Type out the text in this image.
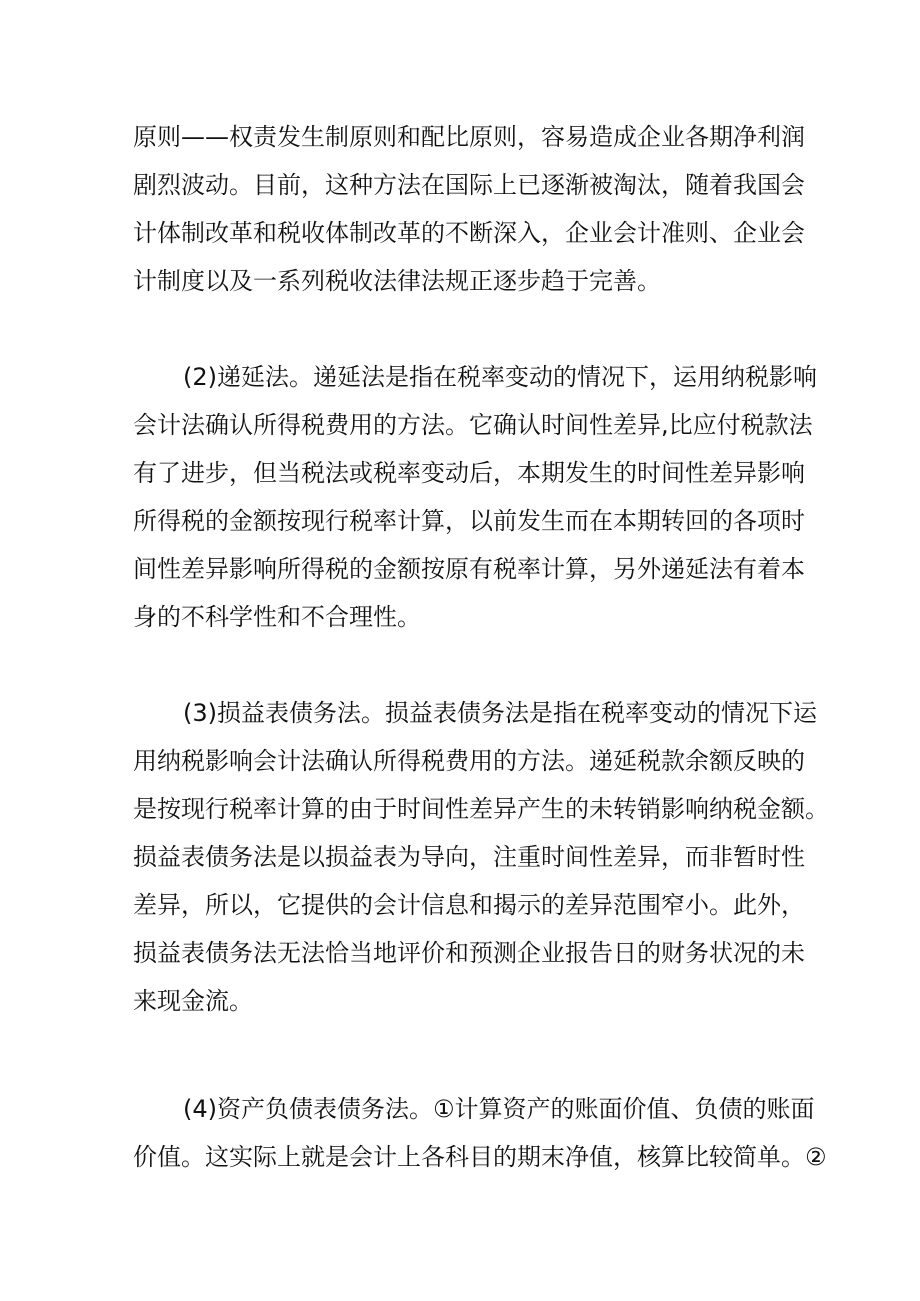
原则——权责发生制原则和配比原则，容易造成企业各期净利润
剧烈波动。目前，这种方法在国际上已逐渐被淘汰，随着我国会
计体制改革和税收体制改革的不断深入，企业会计准则、企业会
计制度以及一系列税收法律法规正逐步趋于完善。
(2)递延法。递延法是指在税率变动的情况下，运用纳税影响
会计法确认所得税费用的方法。它确认时间性差异,比应付税款法
有了进步，但当税法或税率变动后，本期发生的时间性差异影响
所得税的金额按现行税率计算，以前发生而在本期转回的各项时
间性差异影响所得税的金额按原有税率计算，另外递延法有着本
身的不科学性和不合理性。
(3)损益表债务法。损益表债务法是指在税率变动的情况下运
用纳税影响会计法确认所得税费用的方法。递延税款余额反映的
是按现行税率计算的由于时间性差异产生的未转销影响纳税金额。
损益表债务法是以损益表为导向，注重时间性差异，而非暂时性
差异，所以，它提供的会计信息和揭示的差异范围窄小。此外，
损益表债务法无法恰当地评价和预测企业报告日的财务状况的未
来现金流。
(4)资产负债表债务法。①计算资产的账面价值、负债的账面
价值。这实际上就是会计上各科目的期末净值，核算比较简单。②
